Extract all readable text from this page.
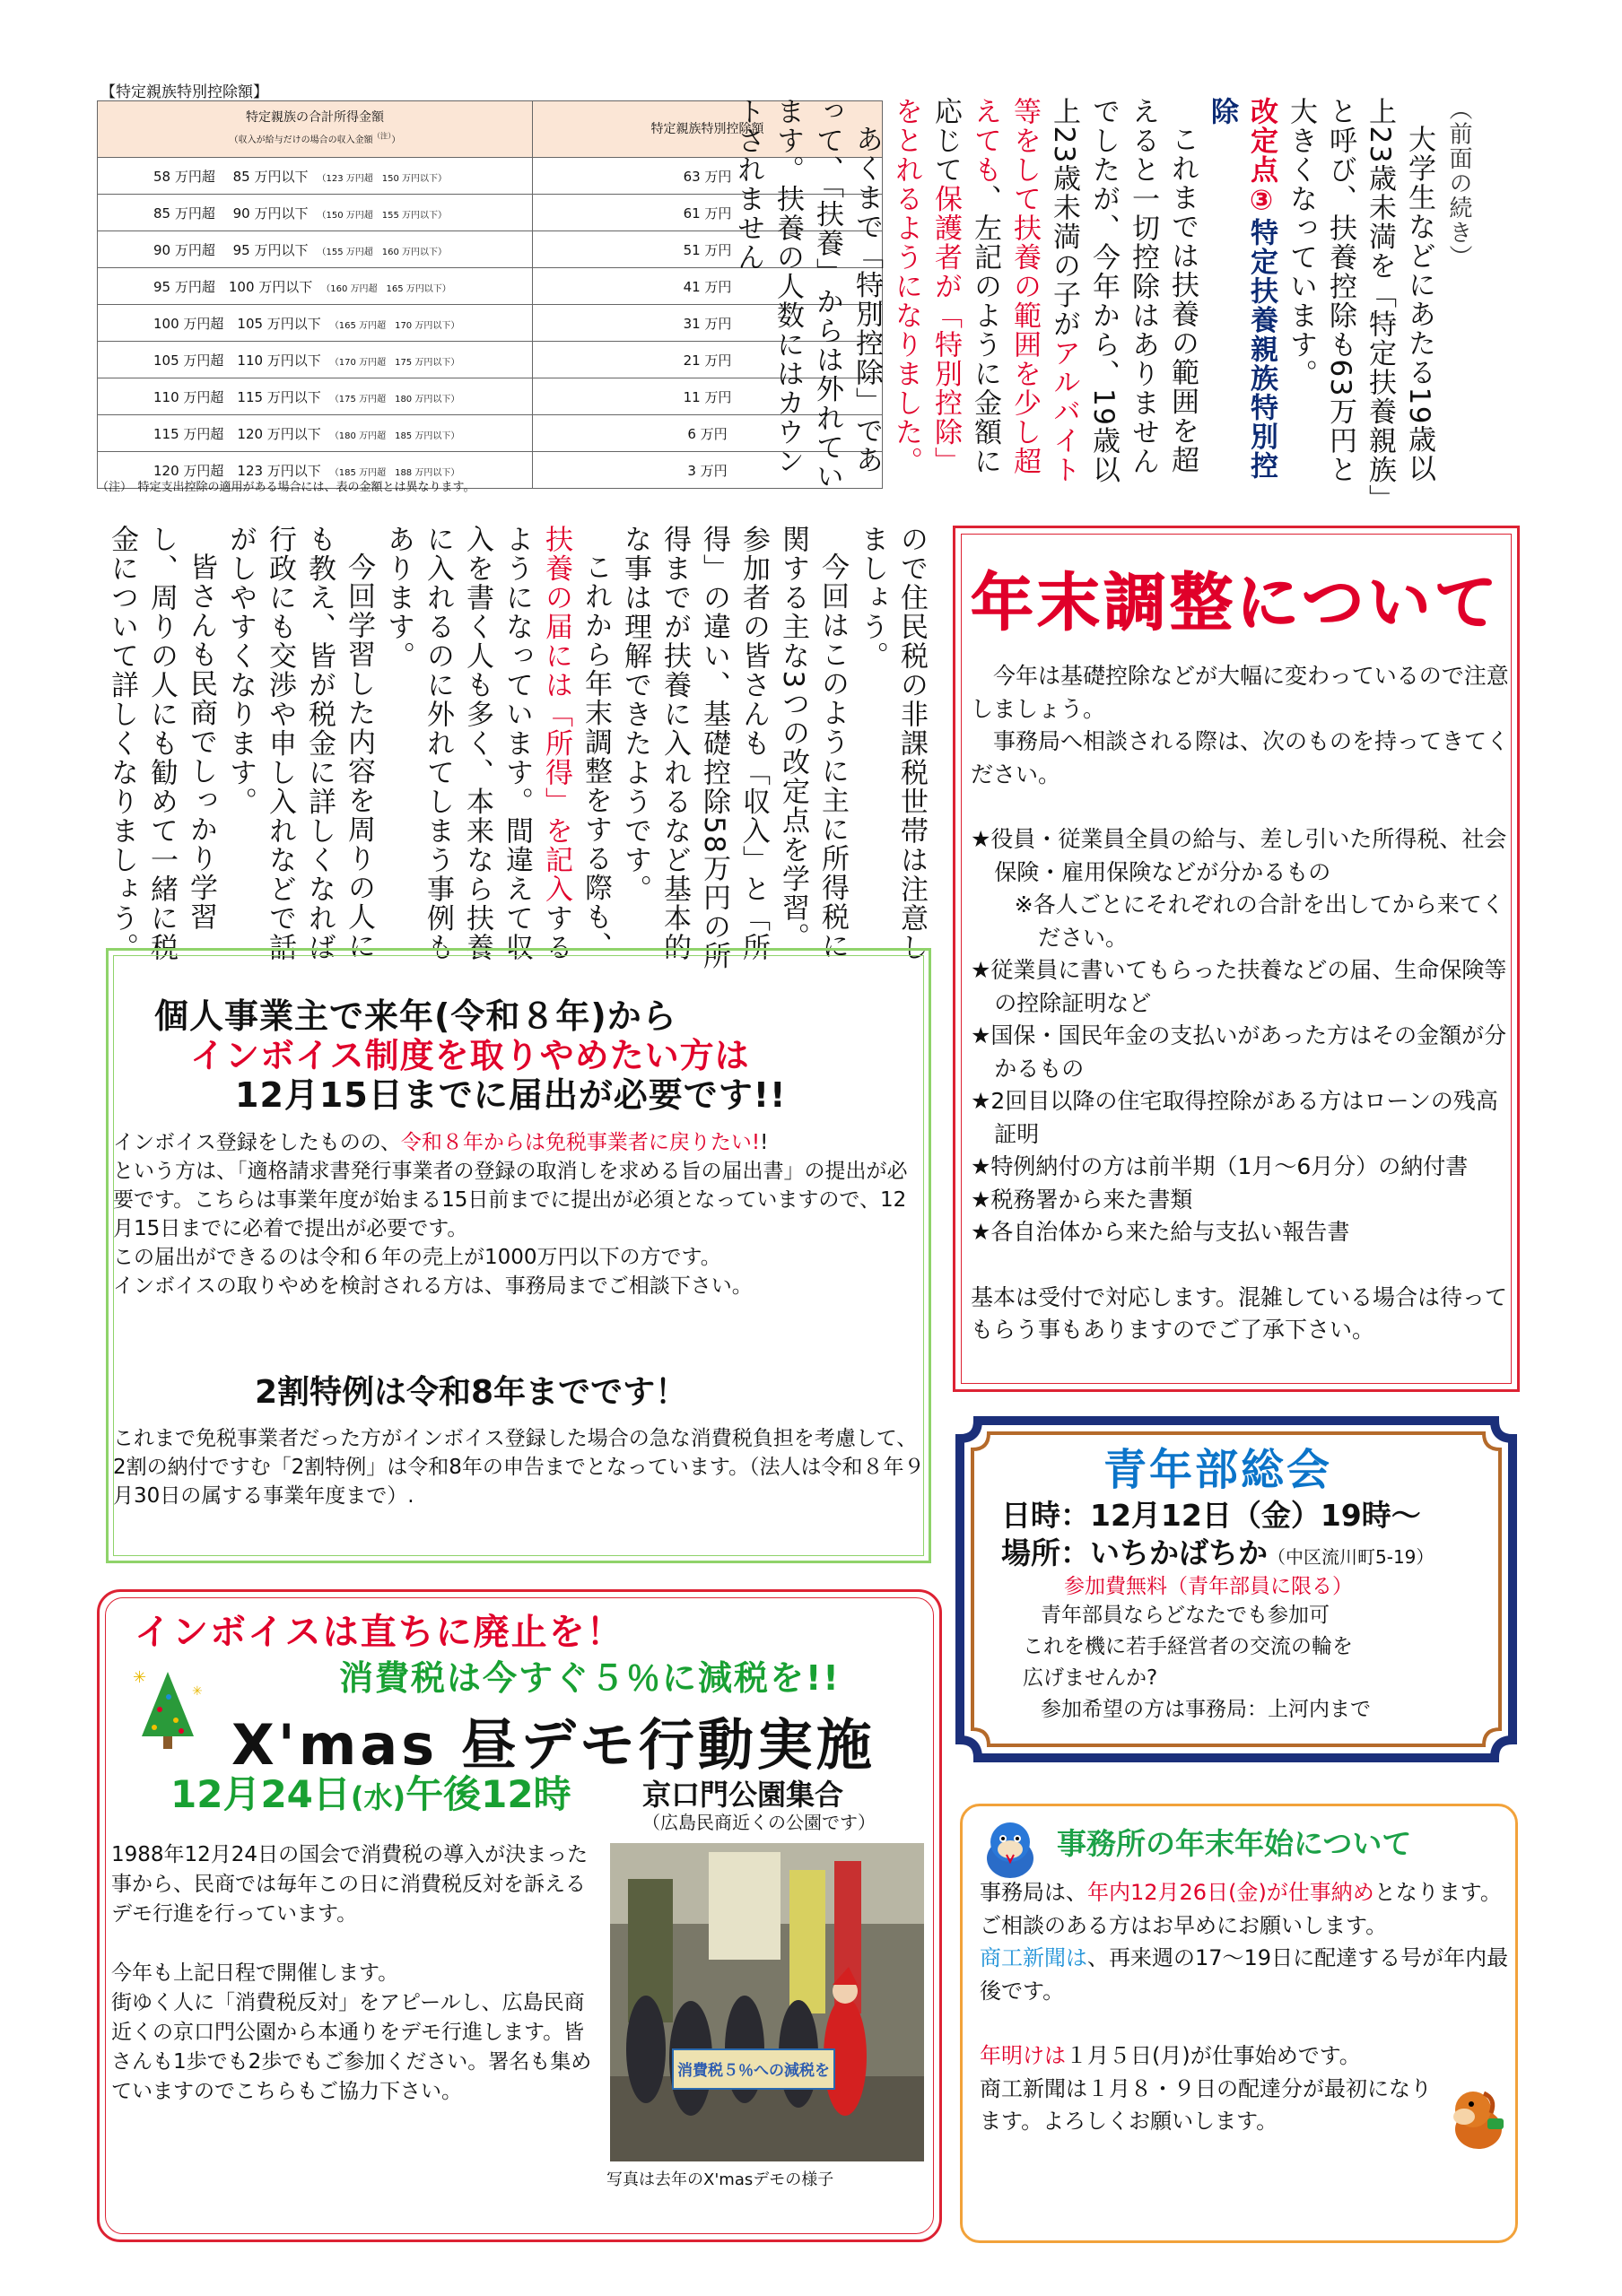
【特定親族特別控除額】
特定親族の合計所得金額
（収入が給与だけの場合の収入金額$^{(注)}$）	特定親族特別控除額
58 万円超　 85 万円以下 （123 万円超　150 万円以下）	63 万円
85 万円超　 90 万円以下 （150 万円超　155 万円以下）	61 万円
90 万円超　 95 万円以下 （155 万円超　160 万円以下）	51 万円
95 万円超　100 万円以下 （160 万円超　165 万円以下）	41 万円
100 万円超　105 万円以下 （165 万円超　170 万円以下）	31 万円
105 万円超　110 万円以下 （170 万円超　175 万円以下）	21 万円
110 万円超　115 万円以下 （175 万円超　180 万円以下）	11 万円
115 万円超　120 万円以下 （180 万円超　185 万円以下）	6 万円
120 万円超　123 万円以下 （185 万円超　188 万円以下）	3 万円
（注）　特定支出控除の適用がある場合には、表の金額とは異なります。

（前面の続き）

大学生などにあたる19歳以上23歳未満を「特定扶養親族」と呼び、扶養控除も63万円と大きくなっています。

改定点③特定扶養親族特別控除

これまでは扶養の範囲を超えると一切控除はありませんでしたが、今年から、19歳以上23歳未満の子がアルバイト等をして扶養の範囲を少し超えても、左記のように金額に応じて保護者が「特別控除」をとれるようになりました。

あくまで「特別控除」であって、「扶養」からは外れています。扶養の人数にはカウントされません

ので住民税の非課税世帯は注意しましょう。

今回はこのように主に所得税に関する主な3つの改定点を学習。参加者の皆さんも「収入」と「所得」の違い、基礎控除58万円の所得までが扶養に入れるなど基本的な事は理解できたようです。

これから年末調整をする際も、扶養の届には「所得」を記入するようになっています。間違えて収入を書く人も多く、本来なら扶養に入れるのに外れてしまう事例もあります。

今回学習した内容を周りの人にも教え、皆が税金に詳しくなれば行政にも交渉や申し入れなどで話がしやすくなります。

皆さんも民商でしっかり学習し、周りの人にも勧めて一緒に税金について詳しくなりましょう。	年末調整について

今年は基礎控除などが大幅に変わっているので注意しましょう。

事務局へ相談される際は、次のものを持ってきてください。

★役員・従業員全員の給与、差し引いた所得税、社会保険・雇用保険などが分かるもの

※各人ごとにそれぞれの合計を出してから来てください。

★従業員に書いてもらった扶養などの届、生命保険等の控除証明など

★国保・国民年金の支払いがあった方はその金額が分かるもの

★2回目以降の住宅取得控除がある方はローンの残高証明

★特例納付の方は前半期（1月～6月分）の納付書

★税務署から来た書類

★各自治体から来た給与支払い報告書

基本は受付で対応します。混雑している場合は待ってもらう事もありますのでご了承下さい。

個人事業主で来年(令和８年)から
インボイス制度を取りやめたい方は
12月15日までに届出が必要です!!

インボイス登録をしたものの、令和８年からは免税事業者に戻りたい!!

という方は、「適格請求書発行事業者の登録の取消しを求める旨の届出書」の提出が必要です。こちらは事業年度が始まる15日前までに提出が必須となっていますので、12月15日までに必着で提出が必要です。

この届出ができるのは令和６年の売上が1000万円以下の方です。

インボイスの取りやめを検討される方は、事務局までご相談下さい。

2割特例は令和8年までです！
これまで免税事業者だった方がインボイス登録した場合の急な消費税負担を考慮して、2割の納付ですむ「2割特例」は令和8年の申告までとなっています。（法人は令和８年９月30日の属する事業年度まで）.
青年部総会
日時：12月12日（金）19時～
場所：いちかばちか（中区流川町5-19）
参加費無料（青年部員に限る）

青年部員ならどなたでも参加可

これを機に若手経営者の交流の輪を

広げませんか?

参加希望の方は事務局：上河内まで

インボイスは直ちに廃止を！
消費税は今すぐ５％に減税を!!
✳
✳
X'mas 昼デモ行動実施
12月24日(水)午後12時 京口門公園集合
（広島民商近くの公園です）

1988年12月24日の国会で消費税の導入が決まった事から、民商では毎年この日に消費税反対を訴えるデモ行進を行っています。

今年も上記日程で開催します。

街ゆく人に「消費税反対」をアピールし、広島民商近くの京口門公園から本通りをデモ行進します。皆さんも1歩でも2歩でもご参加ください。署名も集めていますのでこちらもご協力下さい。

消費税５％への減税を
写真は去年のX'masデモの様子
事務所の年末年始について

事務局は、年内12月26日(金)が仕事納めとなります。ご相談のある方はお早めにお願いします。

商工新聞は、再来週の17～19日に配達する号が年内最後です。

年明けは１月５日(月)が仕事始めです。

商工新聞は１月８・９日の配達分が最初になります。よろしくお願いします。
